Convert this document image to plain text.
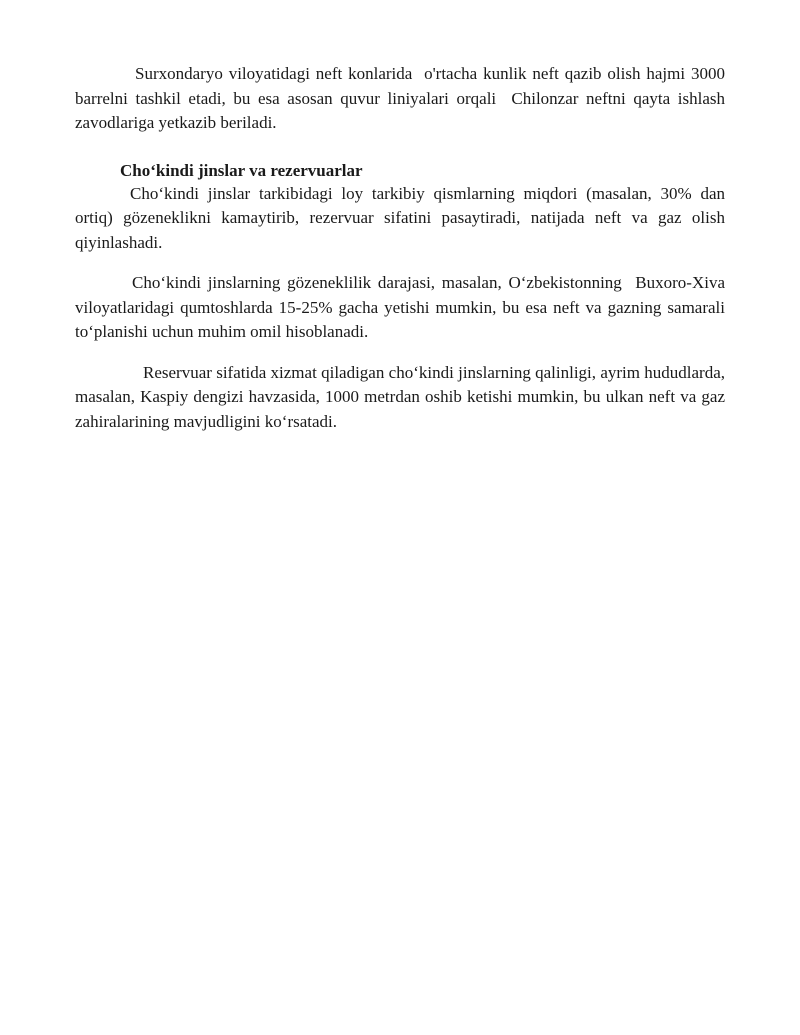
Surxondaryo viloyatidagi neft konlarida  o'rtacha kunlik neft qazib olish hajmi 3000 barrelni tashkil etadi, bu esa asosan quvur liniyalari orqali  Chilonzar neftni qayta ishlash zavodlariga yetkazib beriladi.

Cho‘kindi jinslar va rezervuarlar

Cho‘kindi jinslar tarkibidagi loy tarkibiy qismlarning miqdori (masalan, 30% dan ortiq) gözeneklikni kamaytirib, rezervuar sifatini pasaytiradi, natijada neft va gaz olish qiyinlashadi.

Cho‘kindi jinslarning gözeneklilik darajasi, masalan, O‘zbekistonning  Buxoro-Xiva viloyatlaridagi qumtoshlarda 15-25% gacha yetishi mumkin, bu esa neft va gazning samarali to‘planishi uchun muhim omil hisoblanadi.

Reservuar sifatida xizmat qiladigan cho‘kindi jinslarning qalinligi, ayrim hududlarda,  masalan, Kaspiy dengizi havzasida, 1000 metrdan oshib ketishi mumkin, bu ulkan neft va gaz zahiralarining mavjudligini ko‘rsatadi.
